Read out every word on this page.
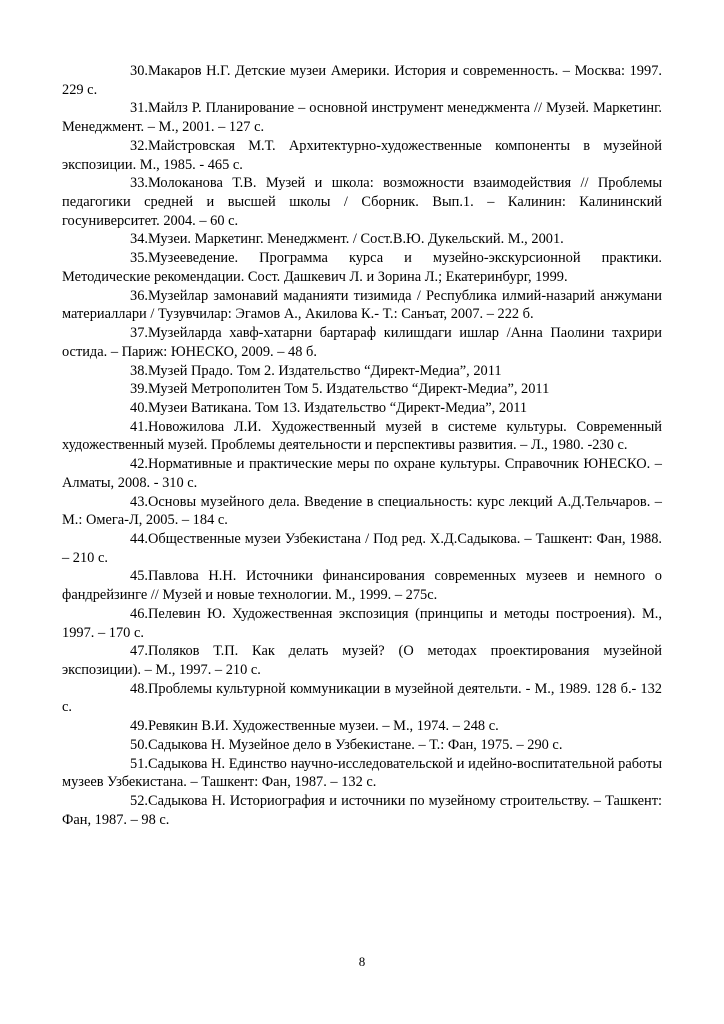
30.Макаров Н.Г. Детские музеи Америки. История и современность. – Москва: 1997. 229 с.

31.Майлз Р. Планирование – основной инструмент менеджмента // Музей. Маркетинг. Менеджмент. – М., 2001. – 127 с.

32.Майстровская М.Т. Архитектурно-художественные компоненты в музейной экспозиции. М., 1985. - 465 с.

33.Молоканова Т.В. Музей и школа: возможности взаимодействия // Проблемы педагогики средней и высшей школы / Сборник. Вып.1. – Калинин: Калининский госуниверситет. 2004. – 60 с.

34.Музеи. Маркетинг. Менеджмент. / Сост.В.Ю. Дукельский. М., 2001.

35.Музееведение. Программа курса и музейно-экскурсионной практики. Методические рекомендации. Сост. Дашкевич Л. и Зорина Л.; Екатеринбург, 1999.

36.Музейлар замонавий маданияти тизимида / Республика илмий-назарий анжумани материаллари / Тузувчилар: Эгамов А., Акилова К.- Т.: Санъат, 2007. – 222 б.

37.Музейларда хавф-хатарни бартараф килишдаги ишлар /Анна Паолини тахрири остида. – Париж: ЮНЕСКО, 2009. – 48 б.

38.Музей Прадо. Том 2. Издательство “Директ-Медиа”, 2011

39.Музей Метрополитен Том 5. Издательство “Директ-Медиа”, 2011

40.Музеи Ватикана. Том 13. Издательство “Директ-Медиа”, 2011

41.Новожилова Л.И. Художественный музей в системе культуры. Современный художественный музей. Проблемы деятельности и перспективы развития. – Л., 1980. -230 с.

42.Нормативные и практические меры по охране культуры. Справочник ЮНЕСКО. – Алматы, 2008. - 310 с.

43.Основы музейного дела. Введение в специальность: курс лекций А.Д.Тельчаров. – М.: Омега-Л, 2005. – 184 с.

44.Общественные музеи Узбекистана / Под ред. Х.Д.Садыкова. – Ташкент: Фан, 1988. – 210 с.

45.Павлова Н.Н. Источники финансирования современных музеев и немного о фандрейзинге // Музей и новые технологии. М., 1999. – 275с.

46.Пелевин Ю. Художественная экспозиция (принципы и методы построения). М., 1997. – 170 с.

47.Поляков Т.П. Как делать музей? (О методах проектирования музейной экспозиции). – М., 1997. – 210 с.

48.Проблемы культурной коммуникации в музейной деятельти. - М., 1989. 128 б.- 132 с.

49.Ревякин В.И. Художественные музеи. – М., 1974. – 248 с.

50.Садыкова Н. Музейное дело в Узбекистане. – Т.: Фан, 1975. – 290 с.

51.Садыкова Н. Единство научно-исследовательской и идейно-воспитательной работы музеев Узбекистана. – Ташкент: Фан, 1987. – 132 с.

52.Садыкова Н. Историография и источники по музейному строительству. – Ташкент: Фан, 1987. – 98 с.

8
